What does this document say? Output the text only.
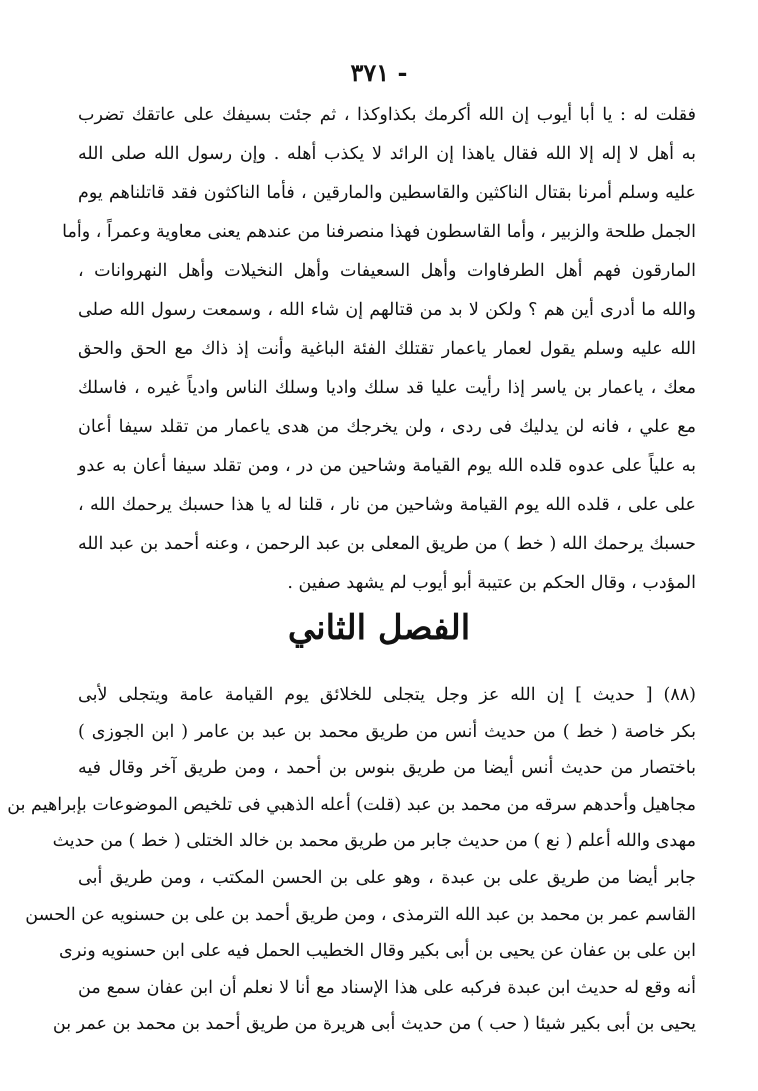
- ٣٧١
فقلت له : يا أبا أيوب إن الله أكرمك بكذاوكذا ، ثم جئت بسيفك على عاتقك تضرب
به أهل لا إله إلا الله فقال ياهذا إن الرائد لا يكذب أهله . وإن رسول الله صلى الله
عليه وسلم أمرنا بقتال الناكثين والقاسطين والمارقين ، فأما الناكثون فقد قاتلناهم يوم
الجمل طلحة والزبير ، وأما القاسطون فهذا منصرفنا من عندهم يعنى معاوية وعمراً ، وأما
المارقون فهم أهل الطرفاوات وأهل السعيفات وأهل النخيلات وأهل النهروانات ،
والله ما أدرى أين هم ؟ ولكن لا بد من قتالهم إن شاء الله ، وسمعت رسول الله صلى
الله عليه وسلم يقول لعمار ياعمار تقتلك الفئة الباغية وأنت إذ ذاك مع الحق والحق
معك ، ياعمار بن ياسر إذا رأيت عليا قد سلك واديا وسلك الناس وادياً غيره ، فاسلك
مع علي ، فانه لن يدليك فى ردى ، ولن يخرجك من هدى ياعمار من تقلد سيفا أعان
به علياً على عدوه قلده الله يوم القيامة وشاحين من در ، ومن تقلد سيفا أعان به عدو
على على ، قلده الله يوم القيامة وشاحين من نار ، قلنا له يا هذا حسبك يرحمك الله ،
حسبك يرحمك الله ( خط ) من طريق المعلى بن عبد الرحمن ، وعنه أحمد بن عبد الله
المؤدب ، وقال الحكم بن عتيبة أبو أيوب لم يشهد صفين .
الفصل الثاني
(٨٨) [ حديث ] إن الله عز وجل يتجلى للخلائق يوم القيامة عامة ويتجلى لأبى
بكر خاصة ( خط ) من حديث أنس من طريق محمد بن عبد بن عامر ( ابن الجوزى )
باختصار من حديث أنس أيضا من طريق بنوس بن أحمد ، ومن طريق آخر وقال فيه
مجاهيل وأحدهم سرقه من محمد بن عبد (قلت) أعله الذهبي فى تلخيص الموضوعات بإبراهيم بن
مهدى والله أعلم ( نع ) من حديث جابر من طريق محمد بن خالد الختلى ( خط ) من حديث
جابر أيضا من طريق على بن عبدة ، وهو على بن الحسن المكتب ، ومن طريق أبى
القاسم عمر بن محمد بن عبد الله الترمذى ، ومن طريق أحمد بن على بن حسنويه عن الحسن
ابن على بن عفان عن يحيى بن أبى بكير وقال الخطيب الحمل فيه على ابن حسنويه ونرى
أنه وقع له حديث ابن عبدة فركبه على هذا الإسناد مع أنا لا نعلم أن ابن عفان سمع من
يحيى بن أبى بكير شيئا ( حب ) من حديث أبى هريرة من طريق أحمد بن محمد بن عمر بن
